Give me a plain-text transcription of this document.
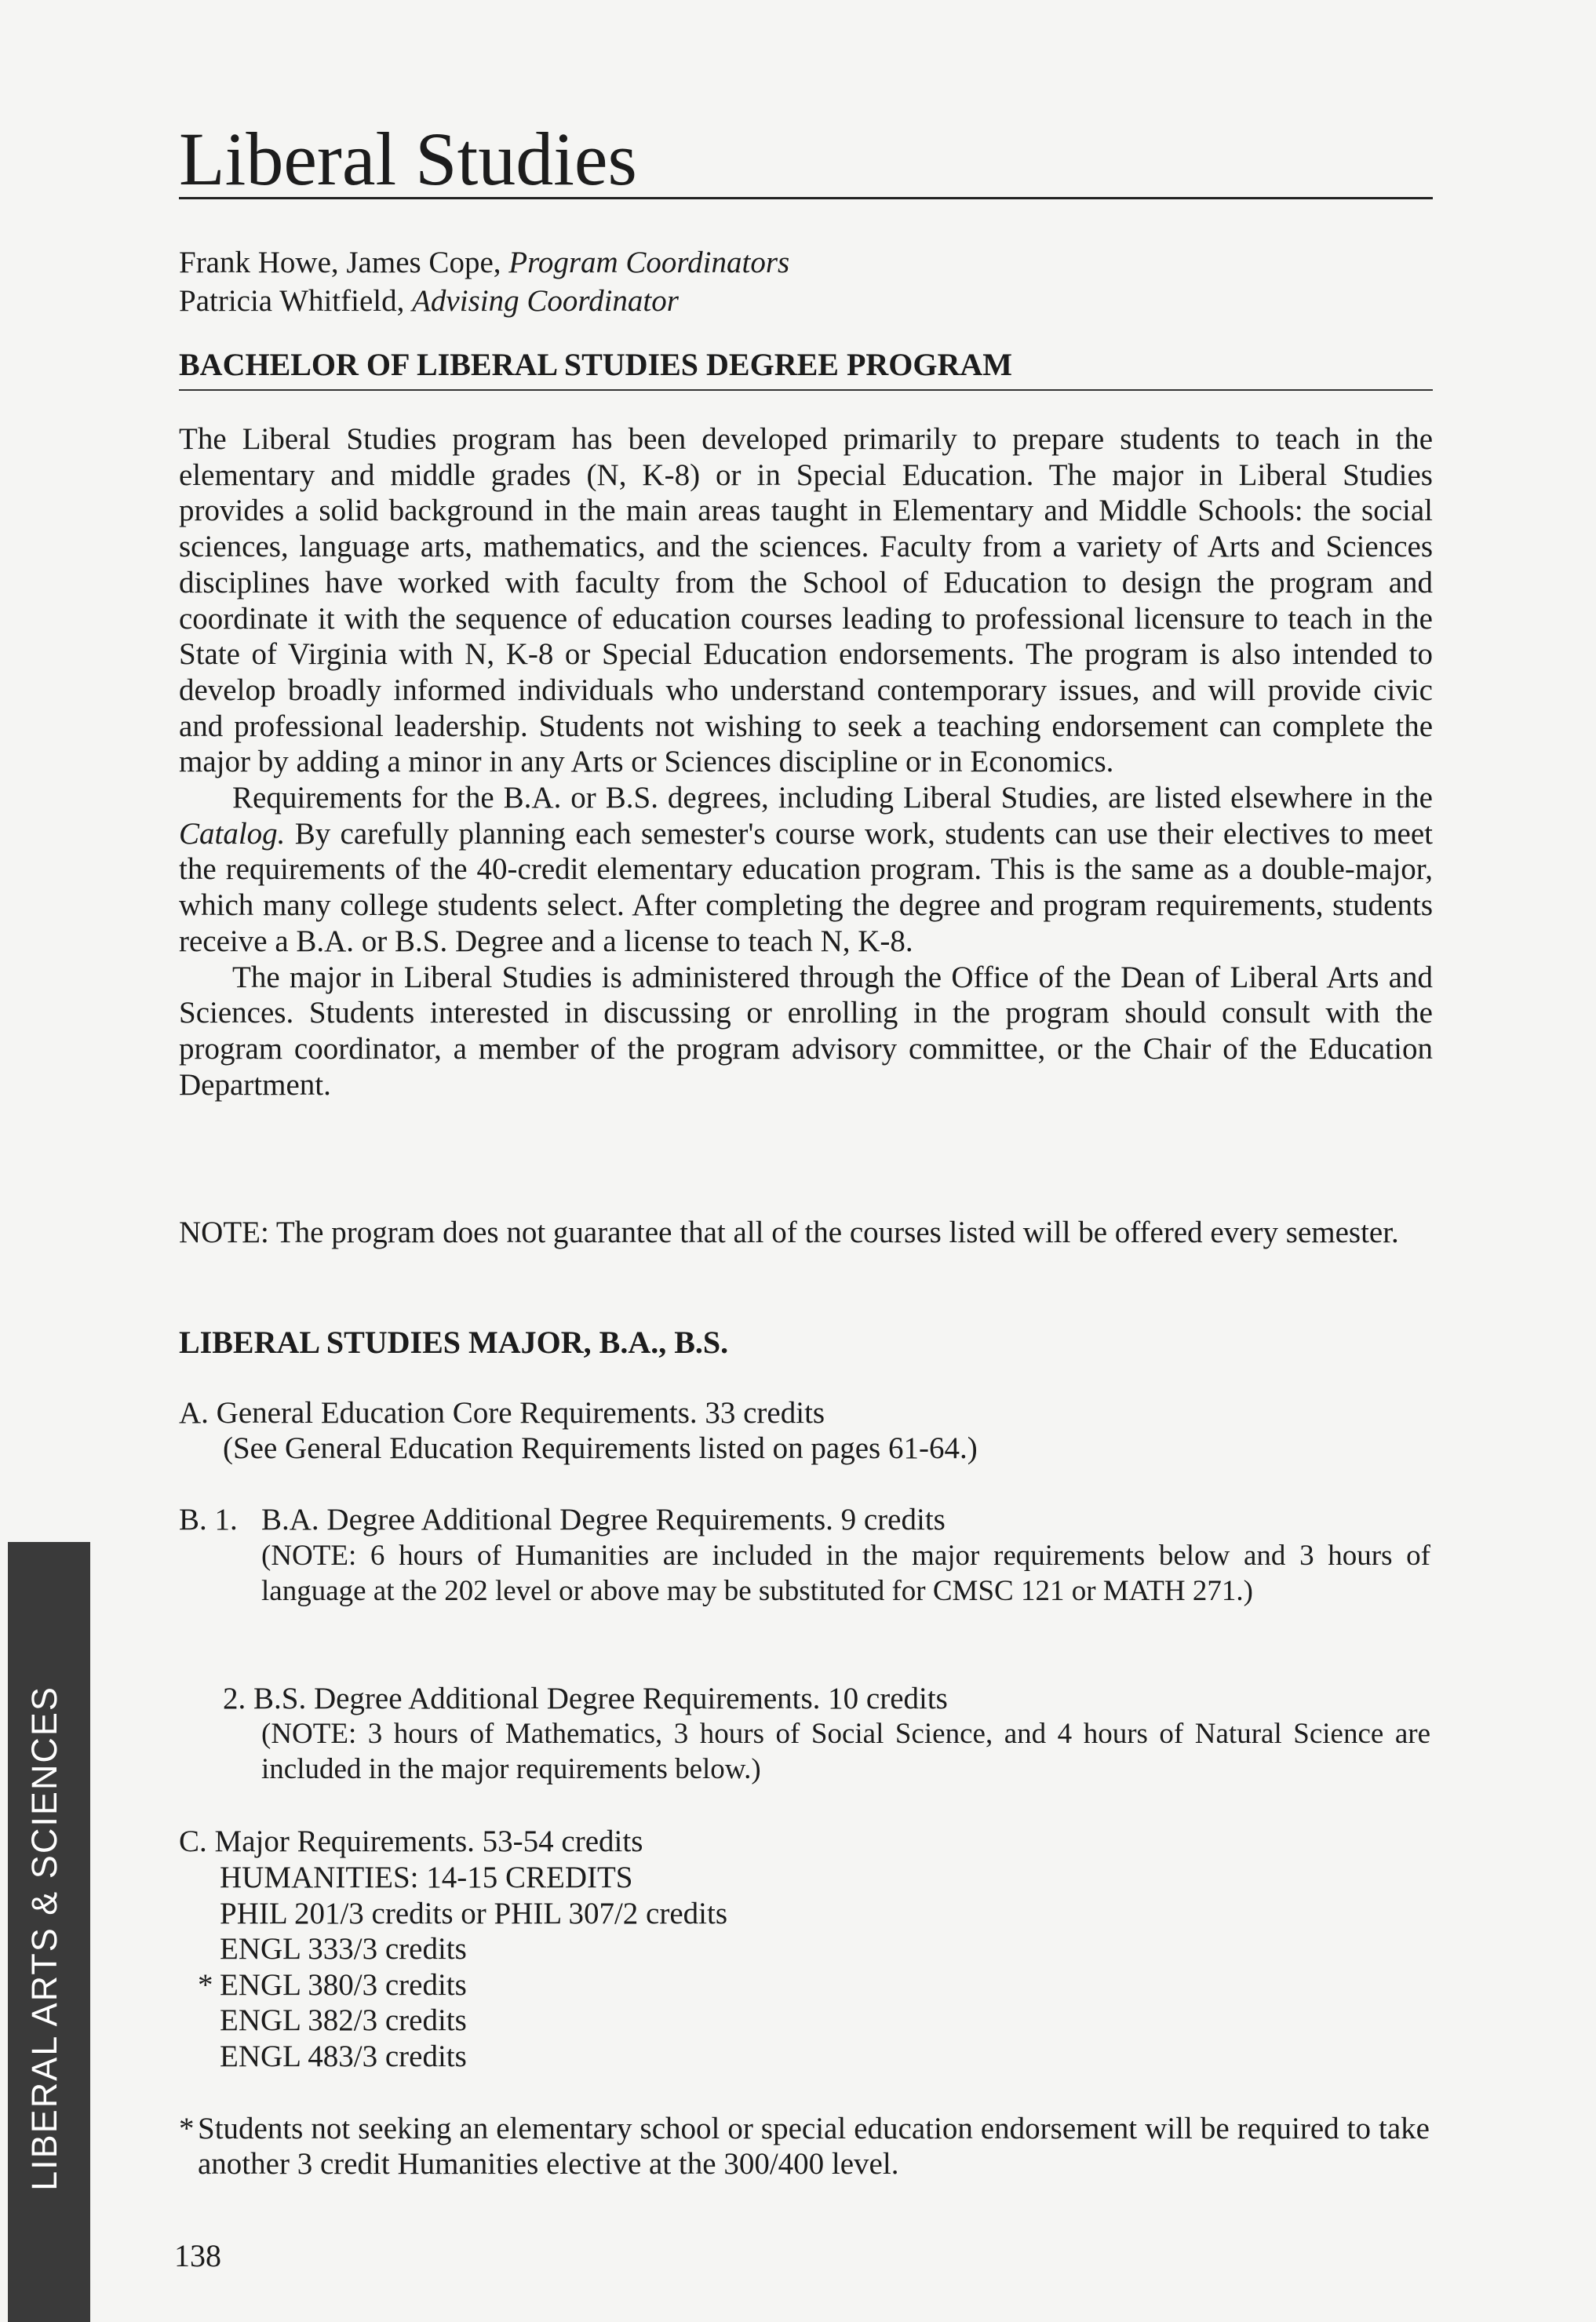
Liberal Studies
Frank Howe, James Cope, Program Coordinators
Patricia Whitfield, Advising Coordinator
BACHELOR OF LIBERAL STUDIES DEGREE PROGRAM

The Liberal Studies program has been developed primarily to prepare students to teach in the elementary and middle grades (N, K-8) or in Special Education. The major in Liberal Studies provides a solid background in the main areas taught in Elementary and Middle Schools: the social sciences, language arts, mathematics, and the sciences. Faculty from a variety of Arts and Sciences disciplines have worked with faculty from the School of Education to design the program and coordinate it with the sequence of education courses leading to professional licensure to teach in the State of Virginia with N, K-8 or Special Education endorsements. The program is also intended to develop broadly informed individuals who understand contemporary issues, and will provide civic and professional leadership. Students not wishing to seek a teaching endorsement can complete the major by adding a minor in any Arts or Sciences discipline or in Economics.

Requirements for the B.A. or B.S. degrees, including Liberal Studies, are listed elsewhere in the Catalog. By carefully planning each semester's course work, students can use their electives to meet the requirements of the 40-credit elementary education program. This is the same as a double-major, which many college students select. After completing the degree and program requirements, students receive a B.A. or B.S. Degree and a license to teach N, K-8.

The major in Liberal Studies is administered through the Office of the Dean of Liberal Arts and Sciences. Students interested in discussing or enrolling in the program should consult with the program coordinator, a member of the program advisory committee, or the Chair of the Education Department.

NOTE: The program does not guarantee that all of the courses listed will be offered every semester.

LIBERAL STUDIES MAJOR, B.A., B.S.

A. General Education Core Requirements. 33 credits

(See General Education Requirements listed on pages 61-64.)

B. 1. B.A. Degree Additional Degree Requirements. 9 credits

(NOTE: 6 hours of Humanities are included in the major requirements below and 3 hours of language at the 202 level or above may be substituted for CMSC 121 or MATH 271.)

2. B.S. Degree Additional Degree Requirements. 10 credits

(NOTE: 3 hours of Mathematics, 3 hours of Social Science, and 4 hours of Natural Science are included in the major requirements below.)

C. Major Requirements. 53-54 credits

HUMANITIES: 14-15 CREDITS
PHIL 201/3 credits or PHIL 307/2 credits
ENGL 333/3 credits
* ENGL 380/3 credits
ENGL 382/3 credits
ENGL 483/3 credits

* Students not seeking an elementary school or special education endorsement will be required to take another 3 credit Humanities elective at the 300/400 level.

LIBERAL ARTS & SCIENCES
138
